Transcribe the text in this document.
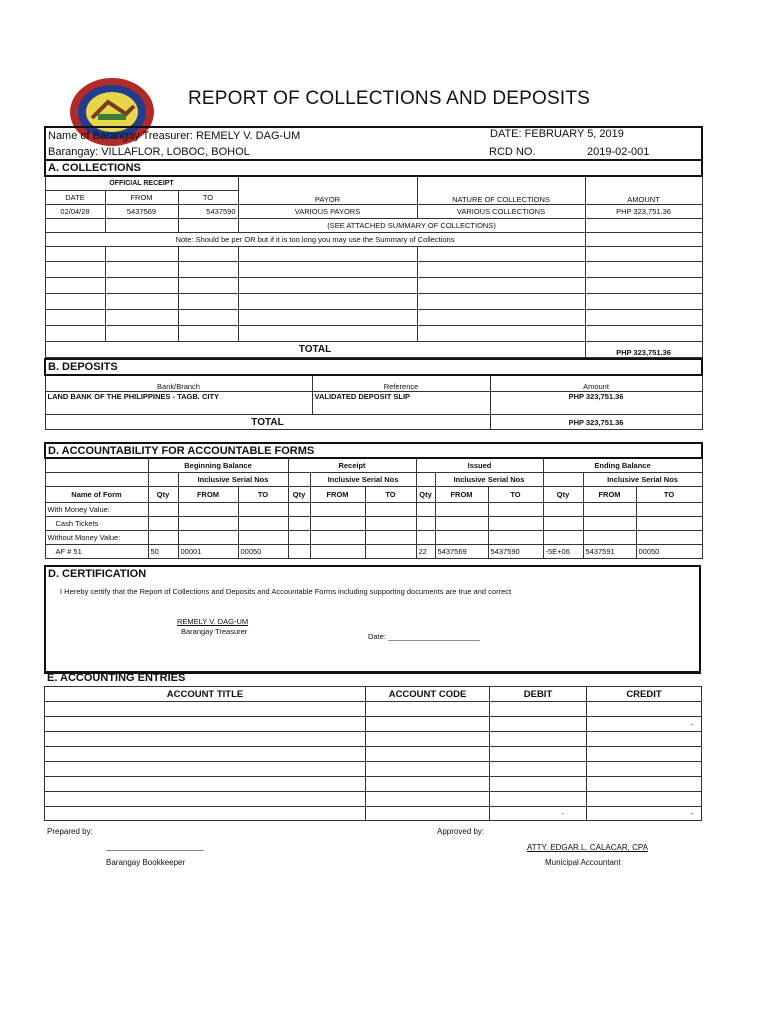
REPORT OF COLLECTIONS AND DEPOSITS
Name of Barangay Treasurer: REMELY V. DAG-UM					
Barangay: VILLAFLOR, LOBOC, BOHOL				RCD NO.	2019-02-001
A. COLLECTIONS					
OFFICIAL RECEIPT			PAYOR	NATURE OF COLLECTIONS	AMOUNT
DATE	FROM	TO			
02/04/28	5437569	5437590	VARIOUS PAYORS	VARIOUS COLLECTIONS	PHP 323,751.36
			(SEE ATTACHED SUMMARY OF COLLECTIONS)		
Note: Should be per OR but if it is too long you may use the Summary of Collections					

TOTAL					PHP 323,751.36
DATE: FEBRUARY 5, 2019
B. DEPOSITS		
Bank/Branch	Reference	Amount
LAND BANK OF THE PHILIPPINES - TAGB. CITY	VALIDATED DEPOSIT SLIP	PHP 323,751.36
TOTAL		PHP 323,751.36
D. ACCOUNTABILITY FOR ACCOUNTABLE FORMS												
	Beginning Balance			Receipt			Issued			Ending Balance		
		Inclusive Serial Nos			Inclusive Serial Nos			Inclusive Serial Nos			Inclusive Serial Nos	
Name of Form	Qty	FROM	TO	Qty	FROM	TO	Qty	FROM	TO	Qty	FROM	TO
With Money Value:												
Cash Tickets												
Without Money Value:												
AF # 51	50	00001	00050				22	5437569	5437590	-5E+06	5437591	00050
D. CERTIFICATION
I Hereby certify that the Report of Collections and Deposits and Accountable Forms including supporting documents are true and correct
REMELY V. DAG-UM
Barangay Treasurer
Date: ______________________
E. ACCOUNTING ENTRIES
ACCOUNT TITLE	ACCOUNT CODE	DEBIT	CREDIT

			-

		-	-
Prepared by:	Approved by:
______________________	ATTY. EDGAR L. CALACAR, CPA
Barangay Bookkeeper	Municipal Accountant
